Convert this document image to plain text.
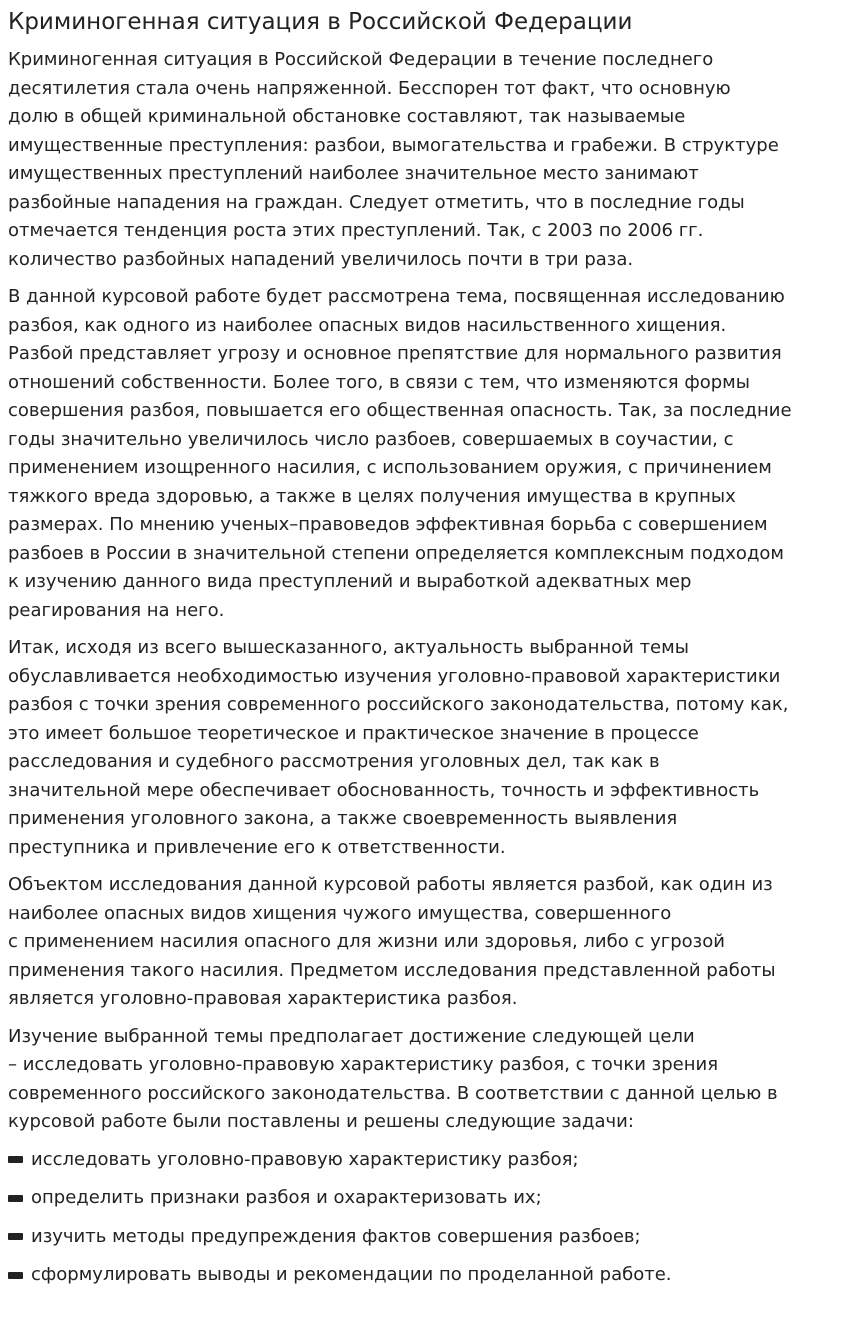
Криминогенная ситуация в Российской Федерации

Криминогенная ситуация в Российской Федерации в течение последнего
десятилетия стала очень напряженной. Бесспорен тот факт, что основную
долю в общей криминальной обстановке составляют, так называемые
имущественные преступления: разбои, вымогательства и грабежи. В структуре
имущественных преступлений наиболее значительное место занимают
разбойные нападения на граждан. Следует отметить, что в последние годы
отмечается тенденция роста этих преступлений. Так, с 2003 по 2006 гг.
количество разбойных нападений увеличилось почти в три раза.

В данной курсовой работе будет рассмотрена тема, посвященная исследованию
разбоя, как одного из наиболее опасных видов насильственного хищения.
Разбой представляет угрозу и основное препятствие для нормального развития
отношений собственности. Более того, в связи с тем, что изменяются формы
совершения разбоя, повышается его общественная опасность. Так, за последние
годы значительно увеличилось число разбоев, совершаемых в соучастии, с
применением изощренного насилия, с использованием оружия, с причинением
тяжкого вреда здоровью, а также в целях получения имущества в крупных
размерах. По мнению ученых–правоведов эффективная борьба с совершением
разбоев в России в значительной степени определяется комплексным подходом
к изучению данного вида преступлений и выработкой адекватных мер
реагирования на него.

Итак, исходя из всего вышесказанного, актуальность выбранной темы
обуславливается необходимостью изучения уголовно-правовой характеристики
разбоя с точки зрения современного российского законодательства, потому как,
это имеет большое теоретическое и практическое значение в процессе
расследования и судебного рассмотрения уголовных дел, так как в
значительной мере обеспечивает обоснованность, точность и эффективность
применения уголовного закона, а также своевременность выявления
преступника и привлечение его к ответственности.

Объектом исследования данной курсовой работы является разбой, как один из
наиболее опасных видов хищения чужого имущества, совершенного
с применением насилия опасного для жизни или здоровья, либо с угрозой
применения такого насилия. Предметом исследования представленной работы
является уголовно-правовая характеристика разбоя.

Изучение выбранной темы предполагает достижение следующей цели
– исследовать уголовно-правовую характеристику разбоя, с точки зрения
современного российского законодательства. В соответствии с данной целью в
курсовой работе были поставлены и решены следующие задачи:

исследовать уголовно-правовую характеристику разбоя;
определить признаки разбоя и охарактеризовать их;
изучить методы предупреждения фактов совершения разбоев;
сформулировать выводы и рекомендации по проделанной работе.
